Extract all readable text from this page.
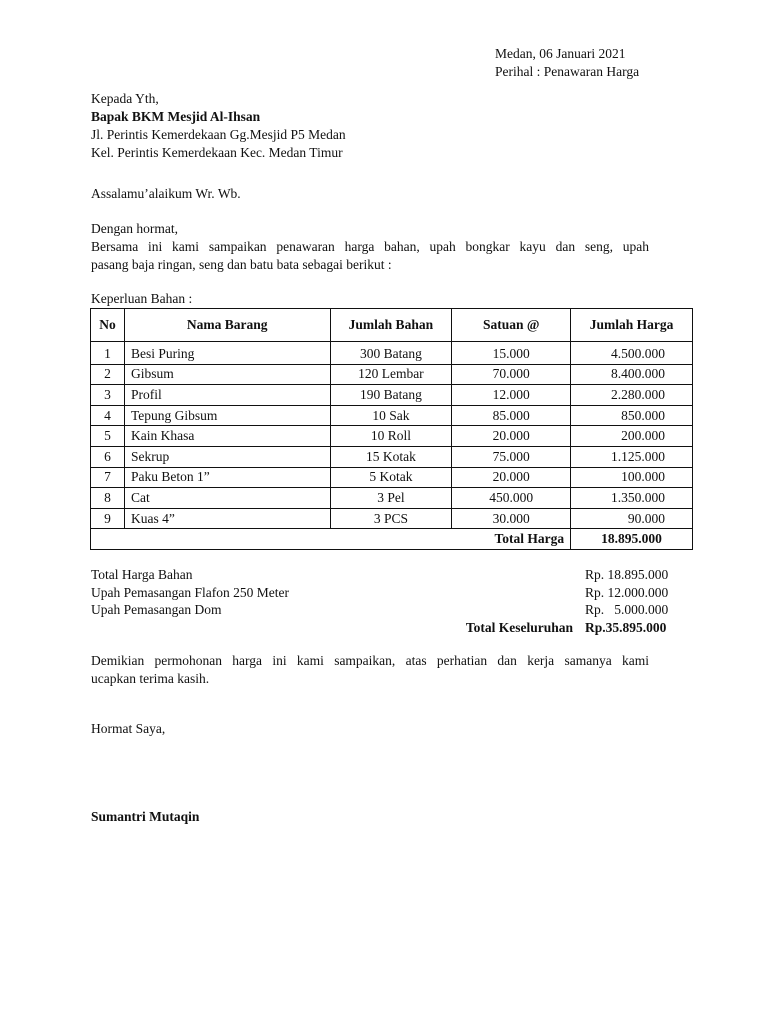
Medan, 06 Januari 2021
Perihal : Penawaran Harga
Kepada Yth,
Bapak BKM Mesjid Al-Ihsan
Jl. Perintis Kemerdekaan Gg.Mesjid P5 Medan
Kel. Perintis Kemerdekaan Kec. Medan Timur
Assalamu’alaikum Wr. Wb.
Dengan hormat,
Bersama ini kami sampaikan penawaran harga bahan, upah bongkar kayu dan seng, upah
pasang baja ringan, seng dan batu bata sebagai berikut :
Keperluan Bahan :
No	Nama Barang	Jumlah Bahan	Satuan @	Jumlah Harga
1	Besi Puring	300 Batang	15.000	4.500.000
2	Gibsum	120 Lembar	70.000	8.400.000
3	Profil	190 Batang	12.000	2.280.000
4	Tepung Gibsum	10 Sak	85.000	850.000
5	Kain Khasa	10 Roll	20.000	200.000
6	Sekrup	15 Kotak	75.000	1.125.000
7	Paku Beton 1”	5 Kotak	20.000	100.000
8	Cat	3 Pel	450.000	1.350.000
9	Kuas 4”	3 PCS	30.000	90.000
Total Harga				18.895.000
Total Harga Bahan	Rp. 18.895.000
Upah Pemasangan Flafon 250 Meter	Rp. 12.000.000
Upah Pemasangan Dom	Rp.   5.000.000
Total Keseluruhan Rp.35.895.000
Demikian permohonan harga ini kami sampaikan, atas perhatian dan kerja samanya kami
ucapkan terima kasih.
Hormat Saya,
Sumantri Mutaqin
